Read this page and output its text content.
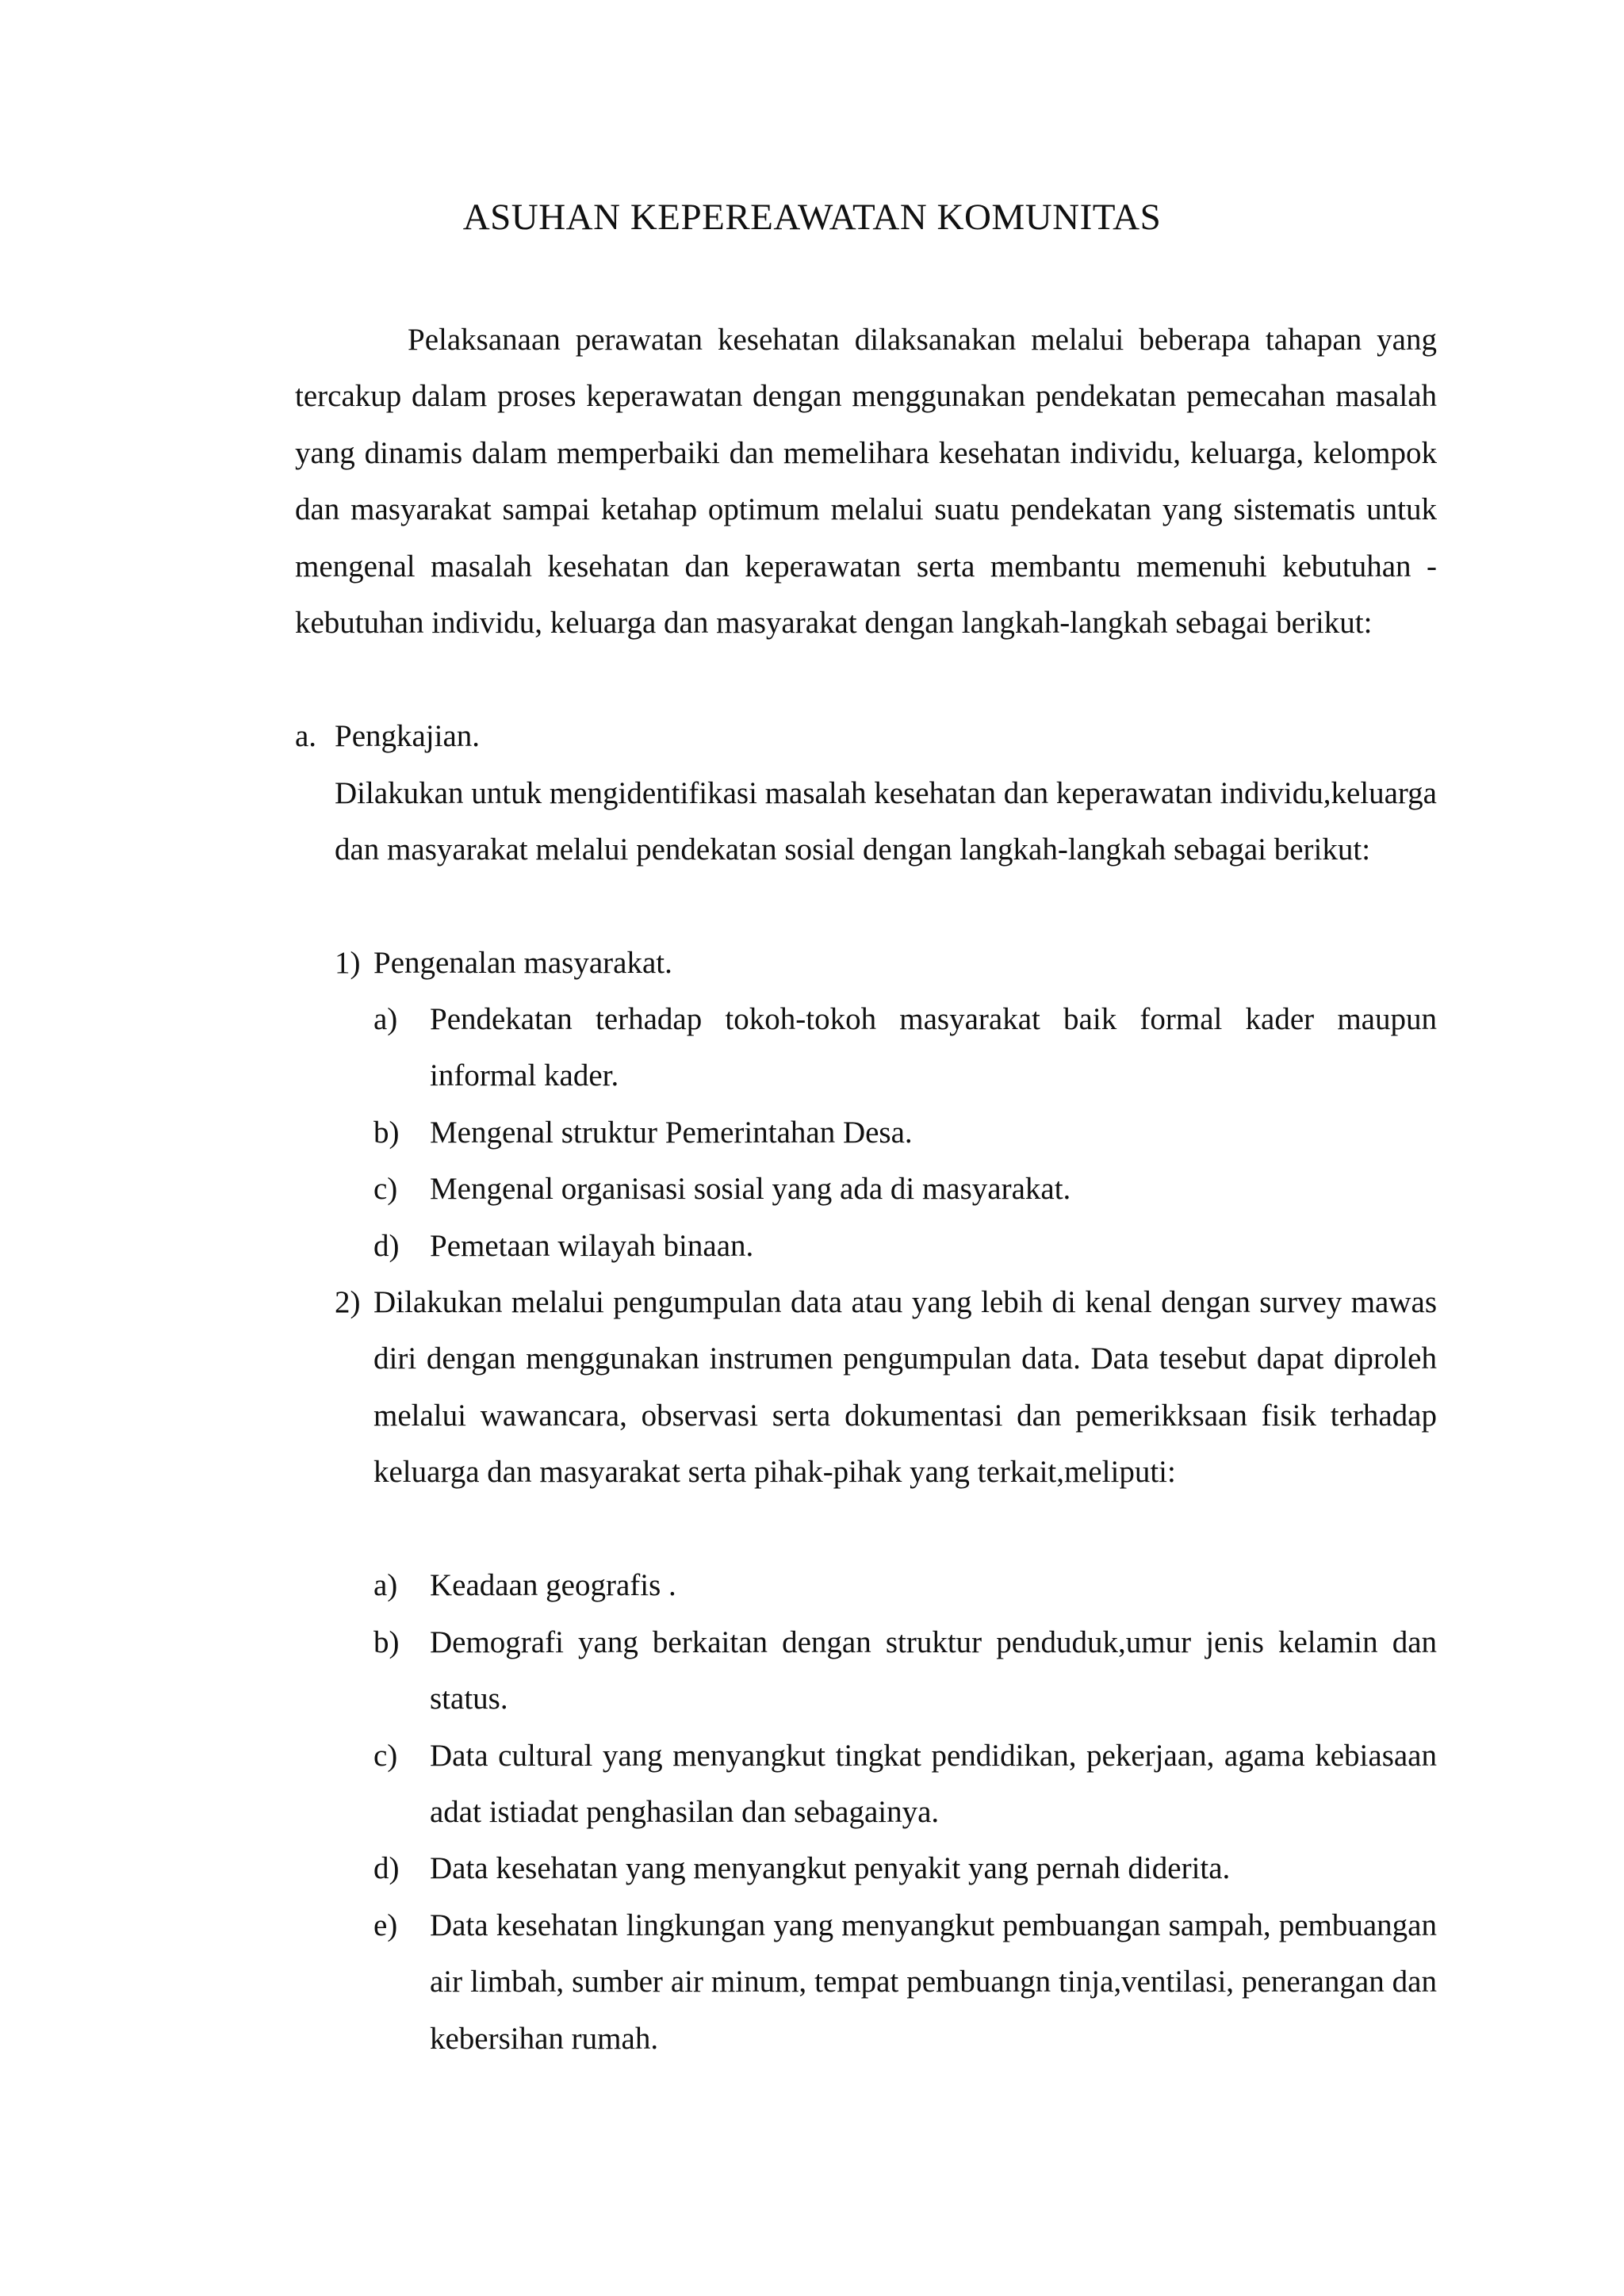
ASUHAN KEPEREAWATAN KOMUNITAS

Pelaksanaan perawatan kesehatan dilaksanakan melalui beberapa tahapan yang tercakup dalam proses keperawatan dengan menggunakan pendekatan pemecahan masalah yang dinamis dalam memperbaiki dan memelihara kesehatan individu, keluarga, kelompok dan masyarakat sampai ketahap optimum melalui suatu pendekatan yang sistematis untuk mengenal masalah kesehatan dan keperawatan serta membantu memenuhi kebutuhan -kebutuhan individu, keluarga dan masyarakat dengan langkah-langkah sebagai berikut:

a. Pengkajian.

Dilakukan untuk mengidentifikasi masalah kesehatan dan keperawatan individu,keluarga dan masyarakat melalui pendekatan sosial dengan langkah-langkah sebagai berikut:

1) Pengenalan masyarakat.
a) Pendekatan terhadap tokoh-tokoh masyarakat baik formal kader maupun informal kader.

b) Mengenal struktur Pemerintahan Desa.
c) Mengenal organisasi sosial yang ada di masyarakat.
d) Pemetaan wilayah binaan.
2) Dilakukan melalui pengumpulan data atau yang lebih di kenal dengan survey mawas diri dengan menggunakan instrumen pengumpulan data. Data tesebut dapat diproleh melalui wawancara, observasi serta dokumentasi dan pemerikksaan fisik terhadap keluarga dan masyarakat serta pihak-pihak yang terkait,meliputi:

a) Keadaan geografis .
b) Demografi yang berkaitan dengan struktur penduduk,umur jenis kelamin dan status.

c) Data cultural yang menyangkut tingkat pendidikan, pekerjaan, agama kebiasaan adat istiadat penghasilan dan sebagainya.

d) Data kesehatan yang menyangkut penyakit yang pernah diderita.
e) Data kesehatan lingkungan yang menyangkut pembuangan sampah, pembuangan air limbah, sumber air minum, tempat pembuangn tinja,ventilasi, penerangan dan kebersihan rumah.
